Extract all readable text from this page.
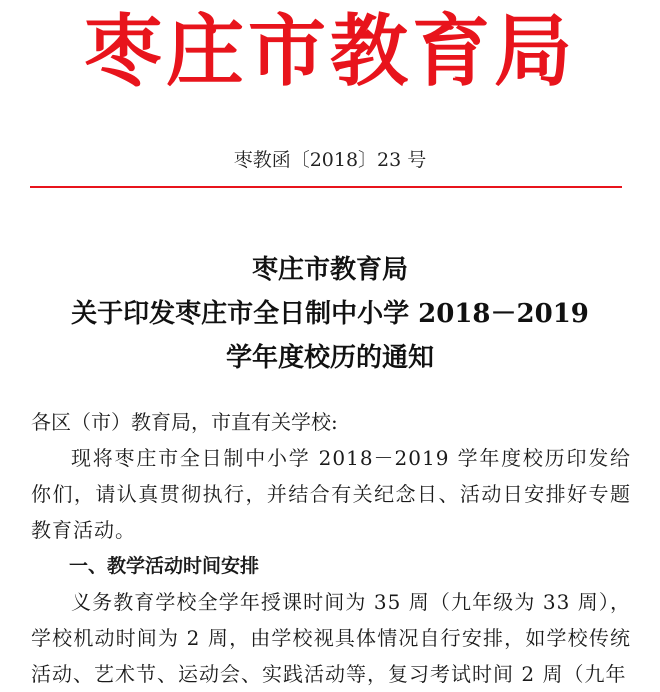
枣庄市教育局
枣教函〔2018〕23 号
枣庄市教育局
关于印发枣庄市全日制中小学 2018－2019
学年度校历的通知
各区（市）教育局，市直有关学校:
现将枣庄市全日制中小学 2018－2019 学年度校历印发给你们，请认真贯彻执行，并结合有关纪念日、活动日安排好专题教育活动。
一、教学活动时间安排
义务教育学校全学年授课时间为 35 周（九年级为 33 周），学校机动时间为 2 周，由学校视具体情况自行安排，如学校传统活动、艺术节、运动会、实践活动等，复习考试时间 2 周（九年
